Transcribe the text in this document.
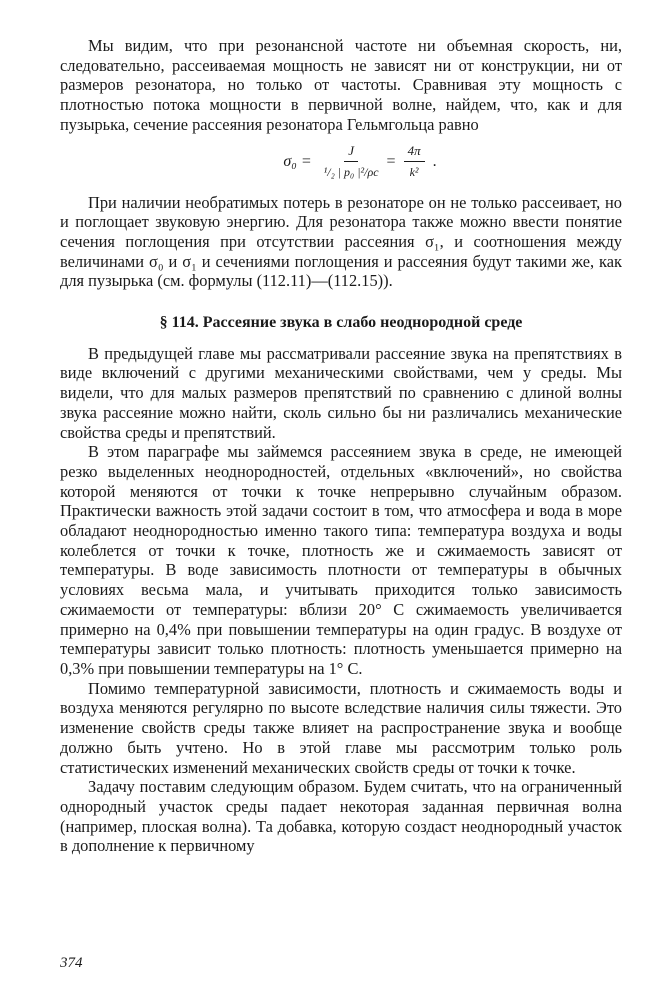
Мы видим, что при резонансной частоте ни объемная скорость, ни, следовательно, рассеиваемая мощность не зависят ни от конструкции, ни от размеров резонатора, но только от частоты. Сравнивая эту мощность с плотностью потока мощности в первичной волне, найдем, что, как и для пузырька, сечение рассеяния резонатора Гельмгольца равно

$\sigma_0 = \frac{J}{\text{¹/₂ | p₀ |²/ρc}} = \frac{4\pi}{\text{k²}}$ .

При наличии необратимых потерь в резонаторе он не только рассеивает, но и поглощает звуковую энергию. Для резонатора также можно ввести понятие сечения поглощения при отсутствии рассеяния σ₁, и соотношения между величинами σ₀ и σ₁ и сечениями поглощения и рассеяния будут такими же, как для пузырька (см. формулы (112.11)—(112.15)).

§ 114. Рассеяние звука в слабо неоднородной среде

В предыдущей главе мы рассматривали рассеяние звука на препятствиях в виде включений с другими механическими свойствами, чем у среды. Мы видели, что для малых размеров препятствий по сравнению с длиной волны звука рассеяние можно найти, сколь сильно бы ни различались механические свойства среды и препятствий.

В этом параграфе мы займемся рассеянием звука в среде, не имеющей резко выделенных неоднородностей, отдельных «включений», но свойства которой меняются от точки к точке непрерывно случайным образом. Практически важность этой задачи состоит в том, что атмосфера и вода в море обладают неоднородностью именно такого типа: температура воздуха и воды колеблется от точки к точке, плотность же и сжимаемость зависят от температуры. В воде зависимость плотности от температуры в обычных условиях весьма мала, и учитывать приходится только зависимость сжимаемости от температуры: вблизи 20° С сжимаемость увеличивается примерно на 0,4% при повышении температуры на один градус. В воздухе от температуры зависит только плотность: плотность уменьшается примерно на 0,3% при повышении температуры на 1° С.

Помимо температурной зависимости, плотность и сжимаемость воды и воздуха меняются регулярно по высоте вследствие наличия силы тяжести. Это изменение свойств среды также влияет на распространение звука и вообще должно быть учтено. Но в этой главе мы рассмотрим только роль статистических изменений механических свойств среды от точки к точке.

Задачу поставим следующим образом. Будем считать, что на ограниченный однородный участок среды падает некоторая заданная первичная волна (например, плоская волна). Та добавка, которую создаст неоднородный участок в дополнение к первичному

374
